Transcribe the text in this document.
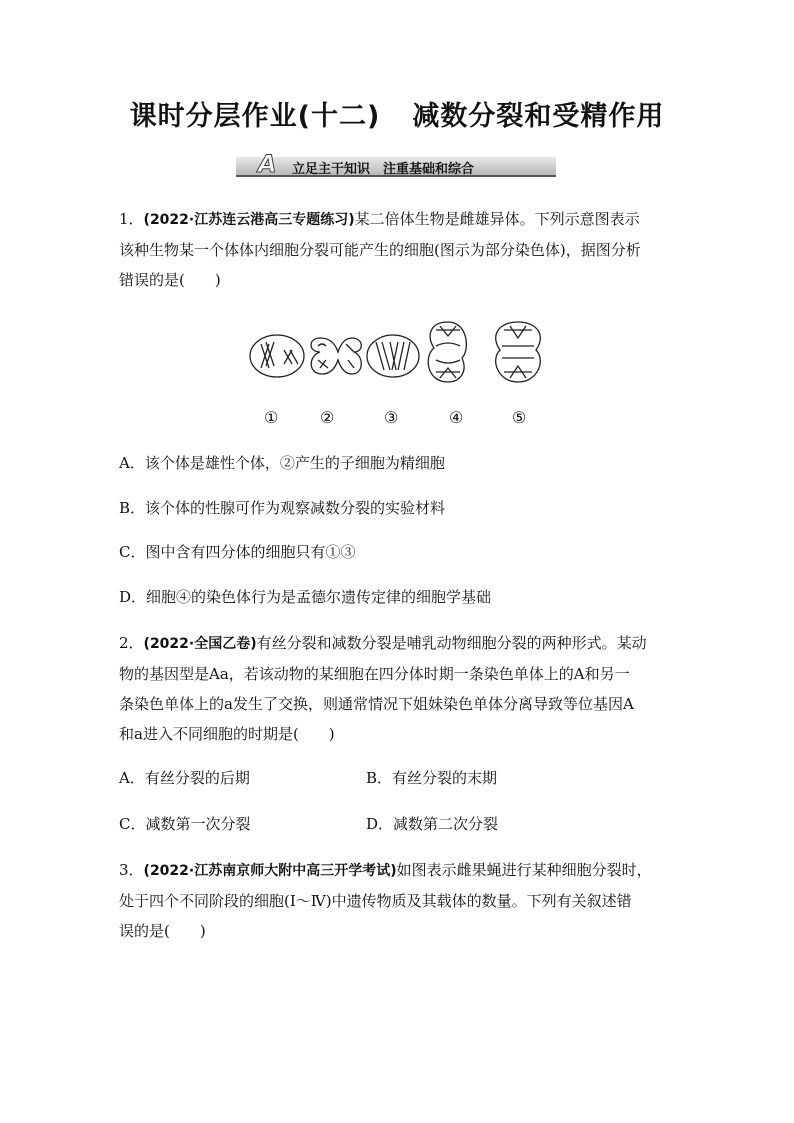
课时分层作业(十二) 减数分裂和受精作用
A 立足主干知识　注重基础和综合
1．(2022·江苏连云港高三专题练习)某二倍体生物是雌雄异体。下列示意图表示
该种生物某一个体体内细胞分裂可能产生的细胞(图示为部分染色体)，据图分析
错误的是(　　)
①	②	③	④	⑤
A．该个体是雄性个体，②产生的子细胞为精细胞
B．该个体的性腺可作为观察减数分裂的实验材料
C．图中含有四分体的细胞只有①③
D．细胞④的染色体行为是孟德尔遗传定律的细胞学基础
2．(2022·全国乙卷)有丝分裂和减数分裂是哺乳动物细胞分裂的两种形式。某动
物的基因型是Aa，若该动物的某细胞在四分体时期一条染色单体上的A和另一
条染色单体上的a发生了交换，则通常情况下姐妹染色单体分离导致等位基因A
和a进入不同细胞的时期是(　　)
A．有丝分裂的后期	B．有丝分裂的末期
C．减数第一次分裂	D．减数第二次分裂
3．(2022·江苏南京师大附中高三开学考试)如图表示雌果蝇进行某种细胞分裂时，
处于四个不同阶段的细胞(Ⅰ～Ⅳ)中遗传物质及其载体的数量。下列有关叙述错
误的是(　　)
